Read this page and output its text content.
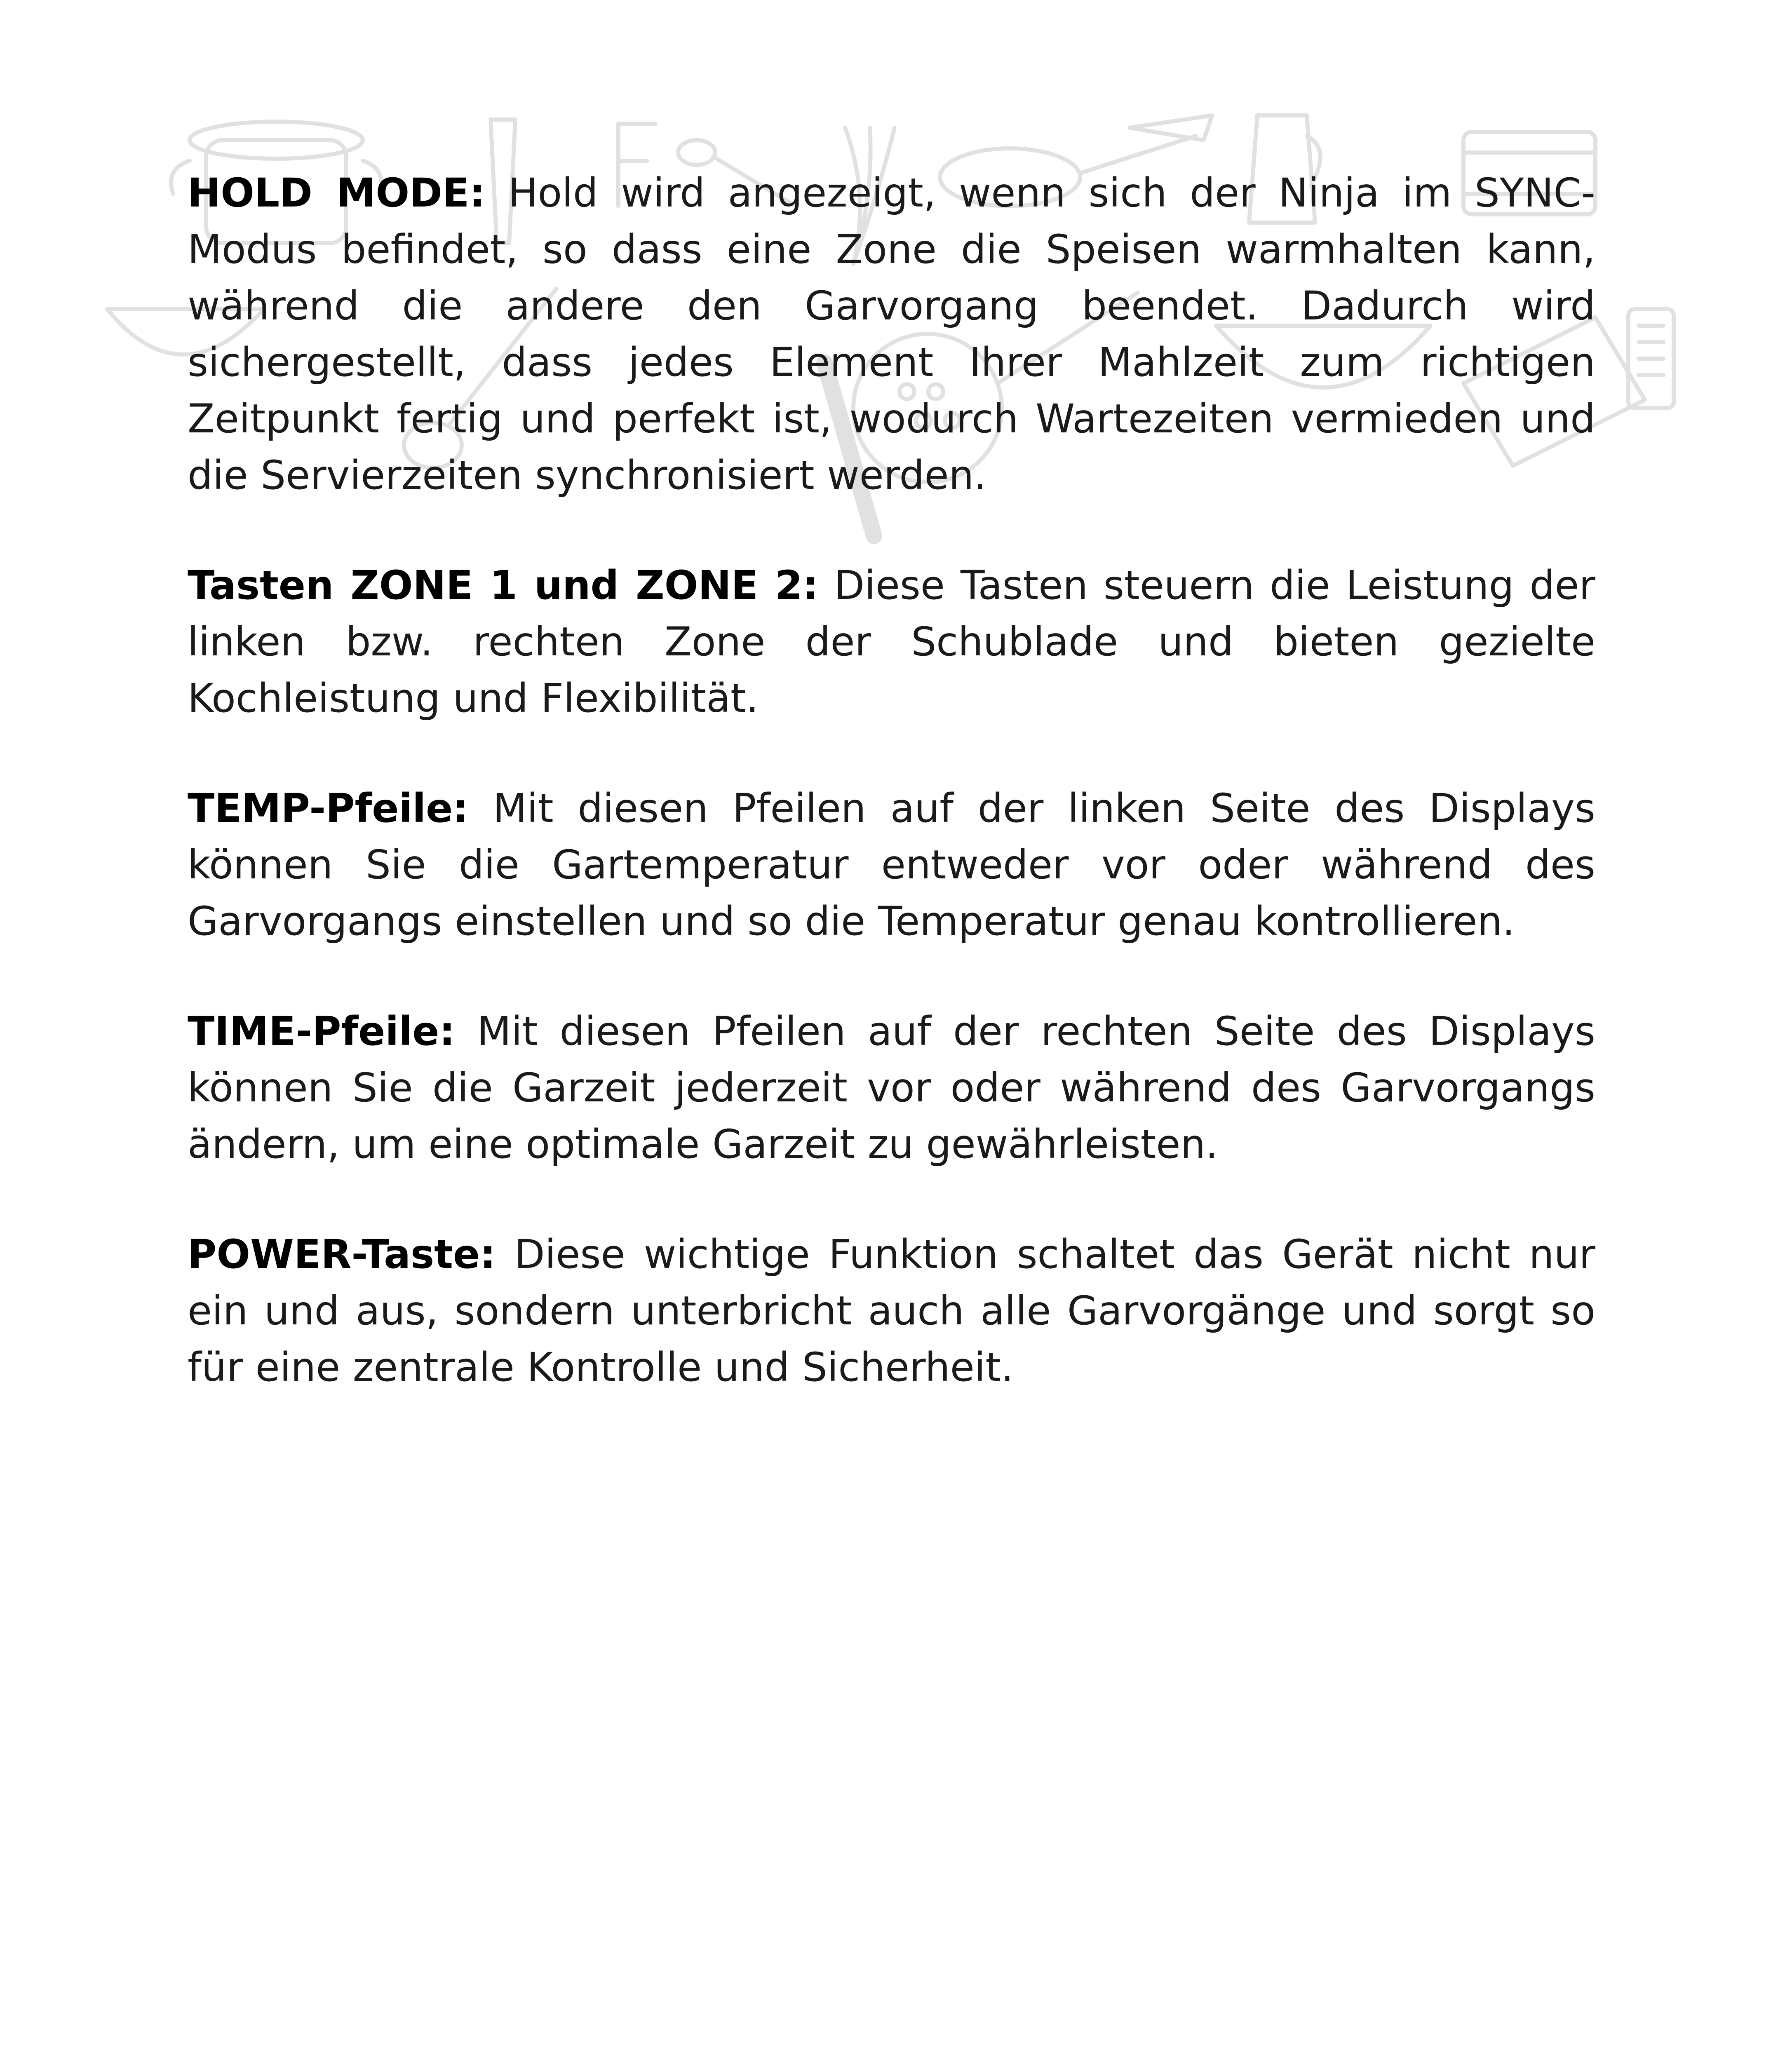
HOLD MODE: Hold wird angezeigt, wenn sich der Ninja im SYNC-Modus befindet, so dass eine Zone die Speisen warmhalten kann, während die andere den Garvorgang beendet. Dadurch wird sichergestellt, dass jedes Element Ihrer Mahlzeit zum richtigen Zeitpunkt fertig und perfekt ist, wodurch Wartezeiten vermieden und die Servierzeiten synchronisiert werden.

Tasten ZONE 1 und ZONE 2: Diese Tasten steuern die Leistung der linken bzw. rechten Zone der Schublade und bieten gezielte Kochleistung und Flexibilität.

TEMP-Pfeile: Mit diesen Pfeilen auf der linken Seite des Displays können Sie die Gartemperatur entweder vor oder während des Garvorgangs einstellen und so die Temperatur genau kontrollieren.

TIME-Pfeile: Mit diesen Pfeilen auf der rechten Seite des Displays können Sie die Garzeit jederzeit vor oder während des Garvorgangs ändern, um eine optimale Garzeit zu gewährleisten.

POWER-Taste: Diese wichtige Funktion schaltet das Gerät nicht nur ein und aus, sondern unterbricht auch alle Garvorgänge und sorgt so für eine zentrale Kontrolle und Sicherheit.
